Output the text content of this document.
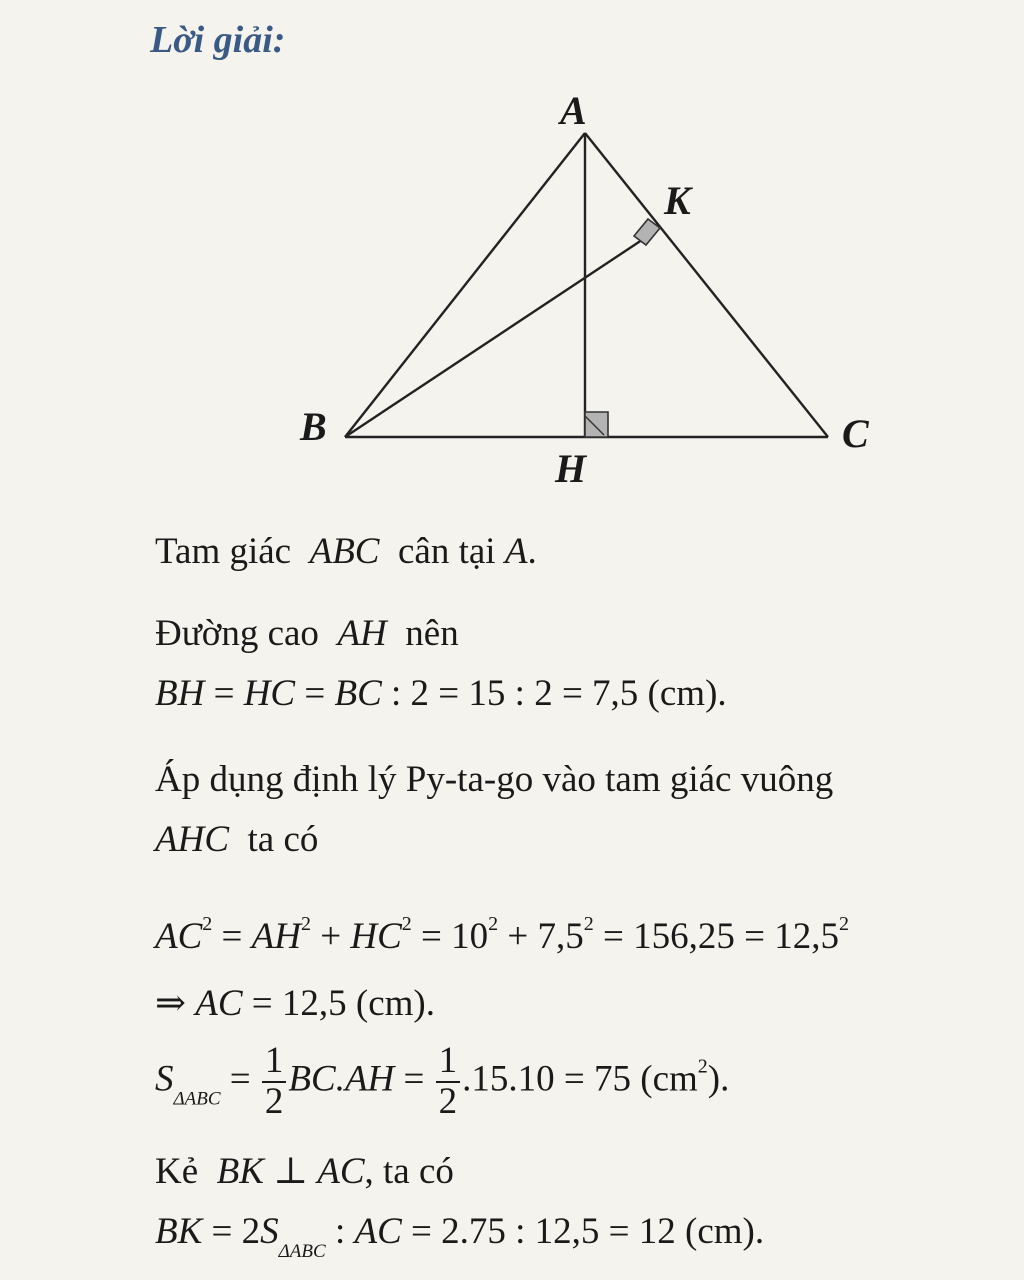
Lời giải:
A
K
B	C
H
Tam giác ABC cân tại A.
Đường cao AH nên
BH = HC = BC : 2 = 15 : 2 = 7,5 (cm).
Áp dụng định lý Py-ta-go vào tam giác vuông
AHC ta có
$AC^2 = AH^2 + HC^2 = 10^2 + 7,5^2 = 156,25 = 12,5^2$
⇒ AC = 12,5 (cm).
$S_{\Delta ABC} = \frac{1}{2} BC.AH = \frac{1}{2} .15.10 = 75$ $(cm^2)$.
Kẻ BK ⊥ AC, ta có
BK = $2S_{\Delta ABC}$ : AC = 2.75 : 12,5 = 12 (cm).
